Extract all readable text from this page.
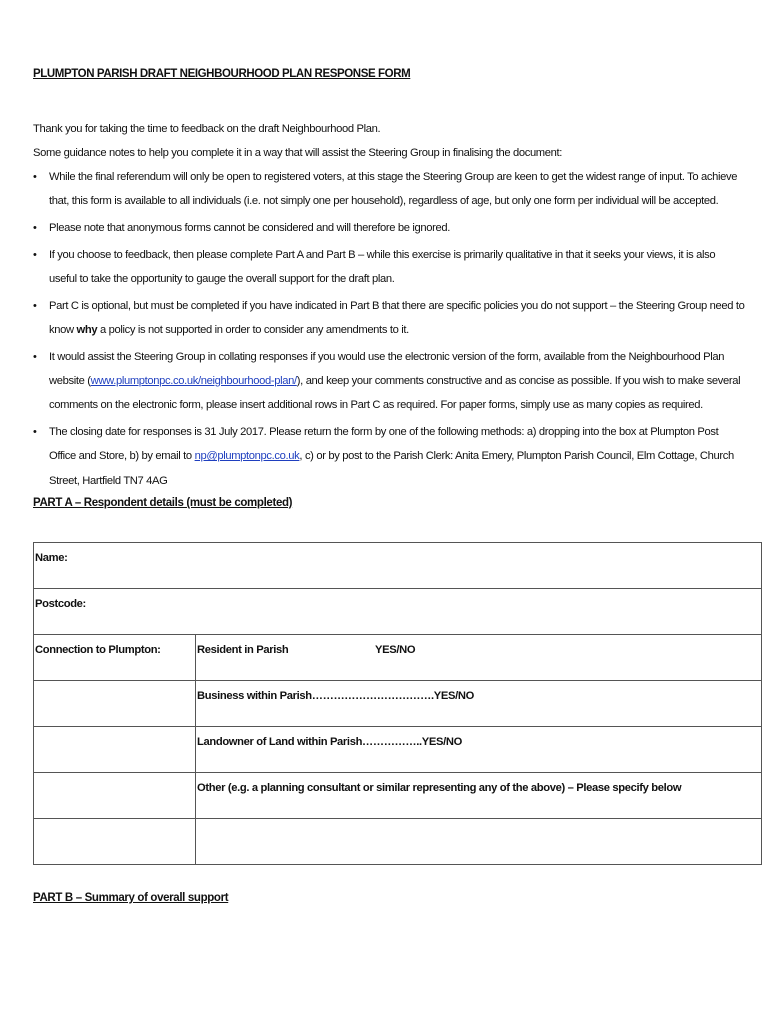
PLUMPTON PARISH DRAFT NEIGHBOURHOOD PLAN RESPONSE FORM
Thank you for taking the time to feedback on the draft Neighbourhood Plan.
Some guidance notes to help you complete it in a way that will assist the Steering Group in finalising the document:
• While the final referendum will only be open to registered voters, at this stage the Steering Group are keen to get the widest range of input. To achieve that, this form is available to all individuals (i.e. not simply one per household), regardless of age, but only one form per individual will be accepted.
• Please note that anonymous forms cannot be considered and will therefore be ignored.
• If you choose to feedback, then please complete Part A and Part B – while this exercise is primarily qualitative in that it seeks your views, it is also useful to take the opportunity to gauge the overall support for the draft plan.
• Part C is optional, but must be completed if you have indicated in Part B that there are specific policies you do not support – the Steering Group need to know why a policy is not supported in order to consider any amendments to it.
• It would assist the Steering Group in collating responses if you would use the electronic version of the form, available from the Neighbourhood Plan website (www.plumptonpc.co.uk/neighbourhood-plan/), and keep your comments constructive and as concise as possible. If you wish to make several comments on the electronic form, please insert additional rows in Part C as required. For paper forms, simply use as many copies as required.
• The closing date for responses is 31 July 2017. Please return the form by one of the following methods: a) dropping into the box at Plumpton Post Office and Store, b) by email to np@plumptonpc.co.uk, c) or by post to the Parish Clerk: Anita Emery, Plumpton Parish Council, Elm Cottage, Church Street, Hartfield TN7 4AG
PART A – Respondent details (must be completed)
Name:	

Postcode:	

Connection to Plumpton:	Resident in Parish YES/NO

	Business within Parish…………………………….YES/NO

	Landowner of Land within Parish……………..YES/NO

	Other (e.g. a planning consultant or similar representing any of the above) – Please specify below

PART B – Summary of overall support
